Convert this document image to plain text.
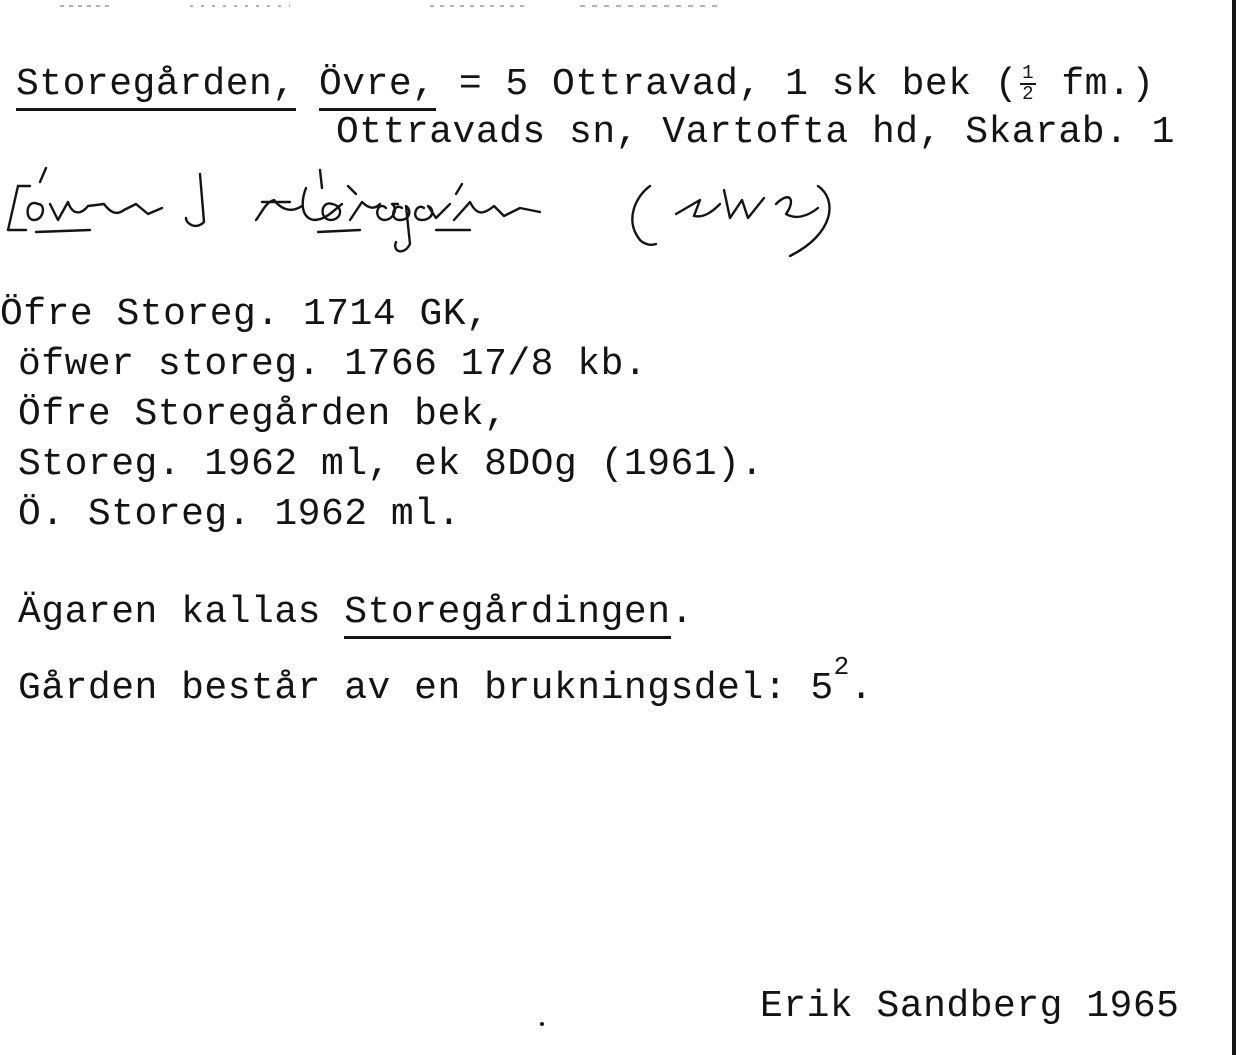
Storegården, Övre, = 5 Ottravad, 1 sk bek ( $\frac{1}{2} fm$.)
Ottravads sn, Vartofta hd, Skarab. 1
Öfre Storeg. 1714 GK,
öfwer storeg. 1766 17/8 kb.
Öfre Storegården bek,
Storeg. 1962 ml, ek 8DOg (1961).
Ö. Storeg. 1962 ml.
Ägaren kallas Storegårdingen.
Gården består av en brukningsdel: $5^2$.
Erik Sandberg 1965
